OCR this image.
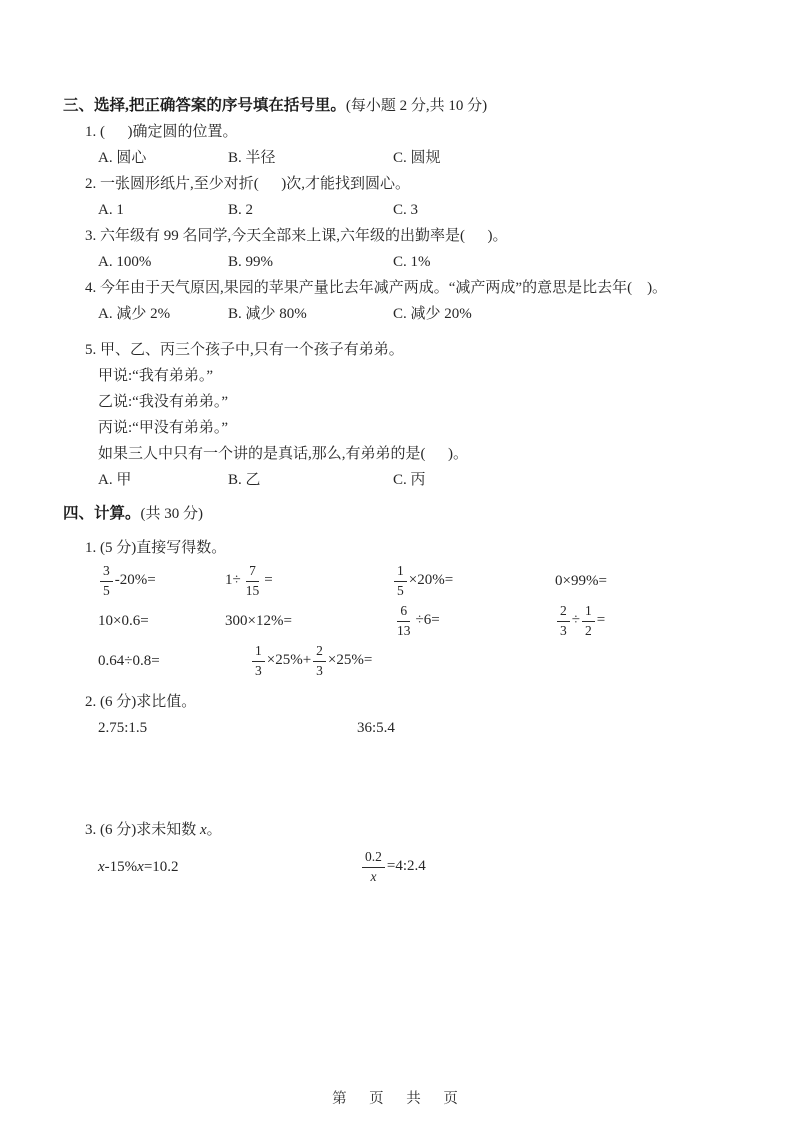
三、选择,把正确答案的序号填在括号里。(每小题 2 分,共 10 分)
1. (      )确定圆的位置。
A. 圆心	B. 半径	C. 圆规
2. 一张圆形纸片,至少对折(      )次,才能找到圆心。
A. 1	B. 2	C. 3
3. 六年级有 99 名同学,今天全部来上课,六年级的出勤率是(      )。
A. 100%	B. 99%	C. 1%
4. 今年由于天气原因,果园的苹果产量比去年减产两成。“减产两成”的意思是比去年(    )。
A. 减少 2%	B. 减少 80%	C. 减少 20%
5. 甲、乙、丙三个孩子中,只有一个孩子有弟弟。
甲说:“我有弟弟。”
乙说:“我没有弟弟。”
丙说:“甲没有弟弟。”
如果三人中只有一个讲的是真话,那么,有弟弟的是(      )。
A. 甲	B. 乙	C. 丙
四、计算。(共 30 分)
1. (5 分)直接写得数。
$\frac{3}{5} -20\%=$	$1\div \frac{7}{15}$ =	$\frac{1}{5} \times 20\%=$	0×99%=
10×0.6=	300×12%=	$\frac{6}{13} \div 6=$	$\frac{2}{3} \div \frac{1}{2}$ =
0.64÷0.8=	$\frac{1}{3} \times 25\%+ \frac{2}{3} \times 25\%=$
2. (6 分)求比值。
2.75:1.5	36:5.4
3. (6 分)求未知数 x。
x-15%x=10.2	$\frac{0.2}{x}$ =4:2.4
第 页 共 页
